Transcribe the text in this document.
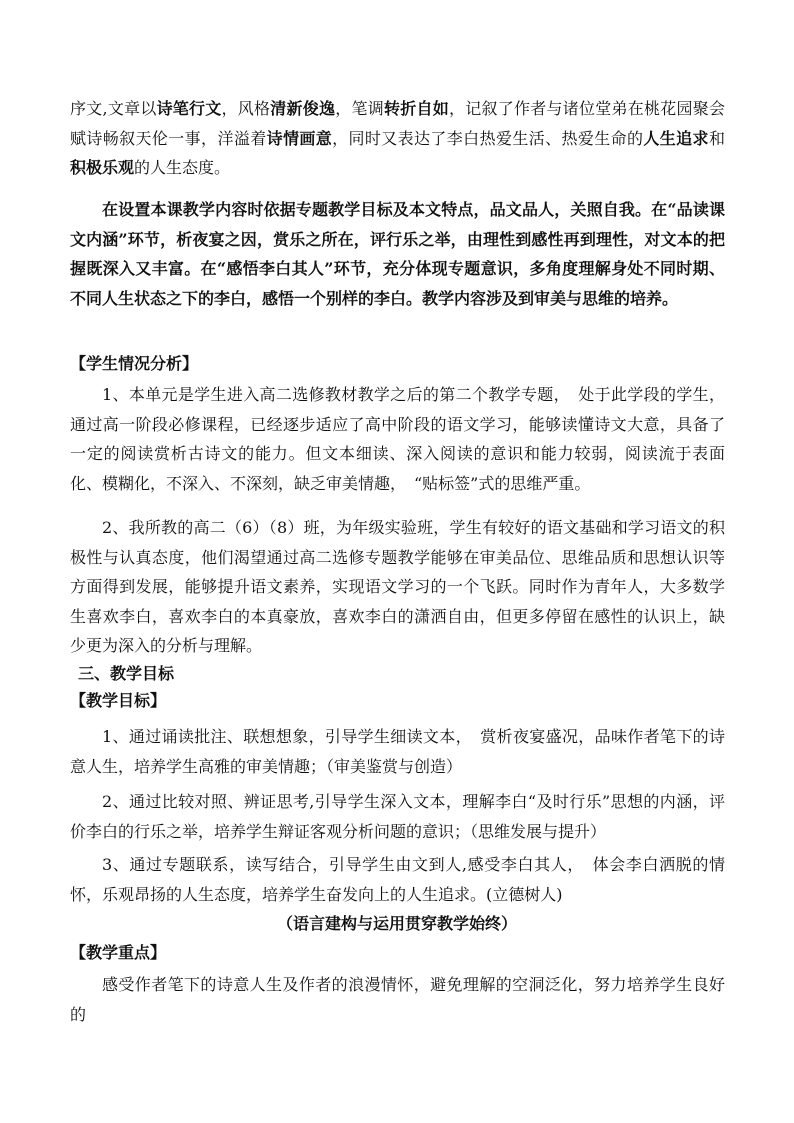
序文,文章以诗笔行文，风格清新俊逸，笔调转折自如，记叙了作者与诸位堂弟在桃花园聚会赋诗畅叙天伦一事，洋溢着诗情画意，同时又表达了李白热爱生活、热爱生命的人生追求和积极乐观的人生态度。

在设置本课教学内容时依据专题教学目标及本文特点，品文品人，关照自我。在“品读课文内涵”环节，析夜宴之因，赏乐之所在，评行乐之举，由理性到感性再到理性，对文本的把握既深入又丰富。在“感悟李白其人”环节，充分体现专题意识，多角度理解身处不同时期、不同人生状态之下的李白，感悟一个别样的李白。教学内容涉及到审美与思维的培养。

【学生情况分析】

1、本单元是学生进入高二选修教材教学之后的第二个教学专题，　处于此学段的学生，通过高一阶段必修课程，已经逐步适应了高中阶段的语文学习，能够读懂诗文大意，具备了一定的阅读赏析古诗文的能力。但文本细读、深入阅读的意识和能力较弱，阅读流于表面化、模糊化，不深入、不深刻，缺乏审美情趣，　“贴标签”式的思维严重。

2、我所教的高二（6）（8）班，为年级实验班，学生有较好的语文基础和学习语文的积极性与认真态度，他们渴望通过高二选修专题教学能够在审美品位、思维品质和思想认识等方面得到发展，能够提升语文素养，实现语文学习的一个飞跃。同时作为青年人，大多数学生喜欢李白，喜欢李白的本真豪放，喜欢李白的潇洒自由，但更多停留在感性的认识上，缺少更为深入的分析与理解。

三、教学目标

【教学目标】

1、通过诵读批注、联想想象，引导学生细读文本，　赏析夜宴盛况，品味作者笔下的诗意人生，培养学生高雅的审美情趣；（审美鉴赏与创造）

2、通过比较对照、辨证思考,引导学生深入文本，理解李白“及时行乐”思想的内涵，评价李白的行乐之举，培养学生辩证客观分析问题的意识；（思维发展与提升）

3、通过专题联系，读写结合，引导学生由文到人,感受李白其人，　体会李白洒脱的情怀，乐观昂扬的人生态度，培养学生奋发向上的人生追求。(立德树人)

（语言建构与运用贯穿教学始终）

【教学重点】

感受作者笔下的诗意人生及作者的浪漫情怀，避免理解的空洞泛化，努力培养学生良好的
